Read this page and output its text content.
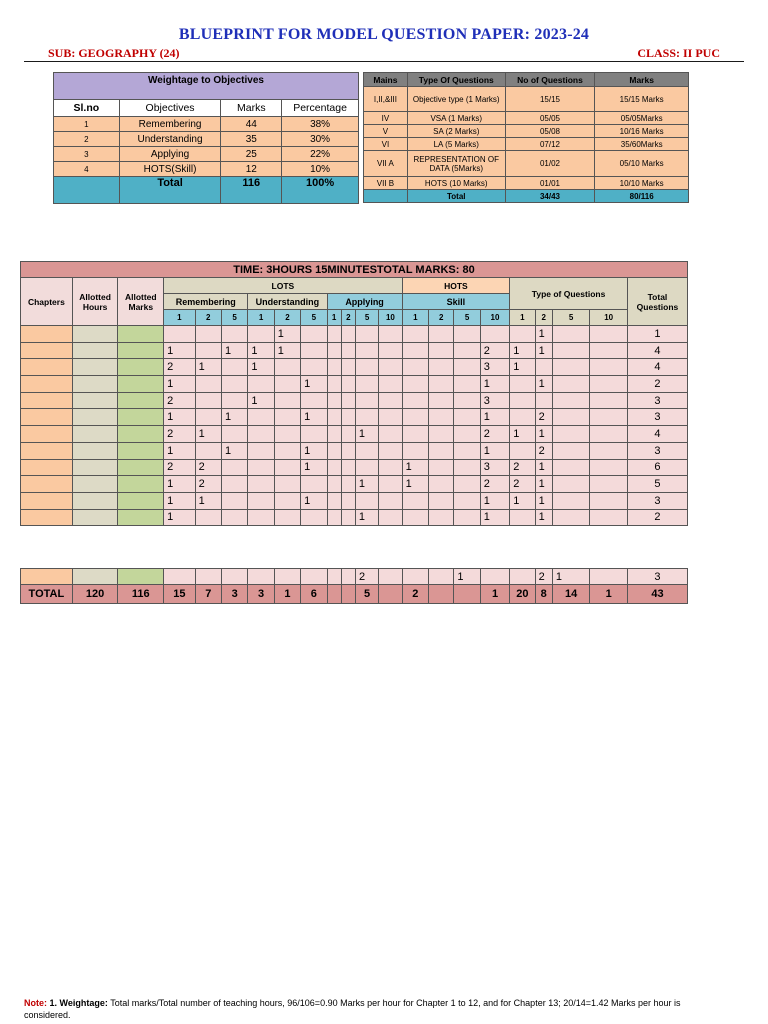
BLUEPRINT FOR MODEL QUESTION PAPER: 2023-24
SUB: GEOGRAPHY (24)	CLASS: II PUC
Weightage to Objectives			
Sl.no	Objectives	Marks	Percentage
1	Remembering	44	38%
2	Understanding	35	30%
3	Applying	25	22%
4	HOTS(Skill)	12	10%
	Total	116	100%
Mains	Type Of Questions	No of Questions	Marks
I,II,&III	Objective type (1 Marks)	15/15	15/15 Marks
IV	VSA (1 Marks)	05/05	05/05Marks
V	SA (2 Marks)	05/08	10/16 Marks
VI	LA (5 Marks)	07/12	35/60Marks
VII A	REPRESENTATION OF DATA (5Marks)	01/02	05/10 Marks
VII B	HOTS (10 Marks)	01/01	10/10 Marks
	Total	34/43	80/116
TIME: 3HOURS 15MINUTESTOTAL MARKS: 80																					
Chapters	Allotted Hours	Allotted Marks	LOTS										HOTS				Type of Questions				Total Questions
			Remembering			Understanding			Applying				Skill								
			1	2	5	1	2	5	1	2	5	10	1	2	5	10	1	2	5	10	
							1											1			1
			1		1	1	1									2	1	1			4
			2	1		1										3	1				4
			1					1								1		1			2
			2			1										3					3
			1		1			1								1		2			3
			2	1							1					2	1	1			4
			1		1			1								1		2			3
			2	2				1					1			3	2	1			6
			1	2							1		1			2	2	1			5
			1	1				1								1	1	1			3
			1								1					1		1			2
											2				1			2	1		3
TOTAL	120	116	15	7	3	3	1	6			5		2			1	20	8	14	1	43
Note: 1. Weightage: Total marks/Total number of teaching hours, 96/106=0.90 Marks per hour for Chapter 1 to 12, and for Chapter 13; 20/14=1.42 Marks per hour is considered.
